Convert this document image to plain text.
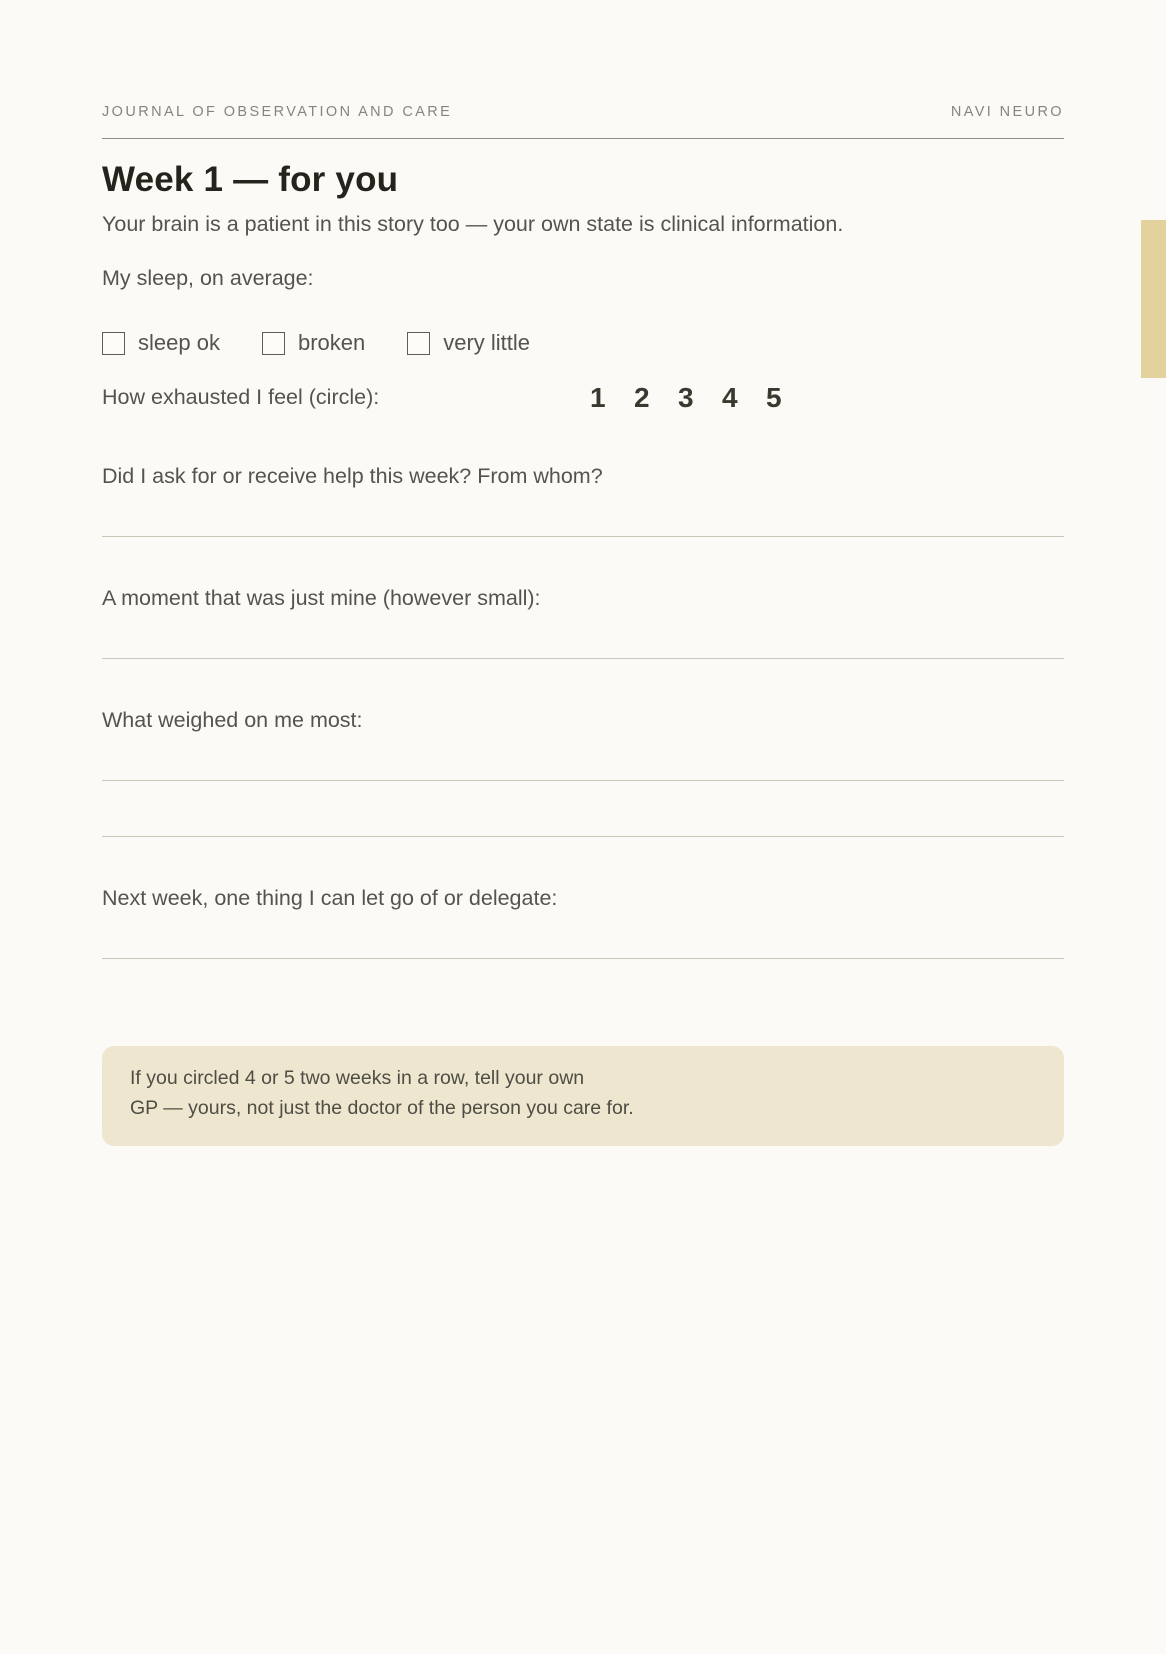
JOURNAL OF OBSERVATION AND CARE	NAVI NEURO
Week 1 — for you
Your brain is a patient in this story too — your own state is clinical information.
My sleep, on average:
sleep ok	broken	very little
How exhausted I feel (circle):	1	2	3	4	5
Did I ask for or receive help this week? From whom?
A moment that was just mine (however small):
What weighed on me most:
Next week, one thing I can let go of or delegate:
If you circled 4 or 5 two weeks in a row, tell your own
GP — yours, not just the doctor of the person you care for.
